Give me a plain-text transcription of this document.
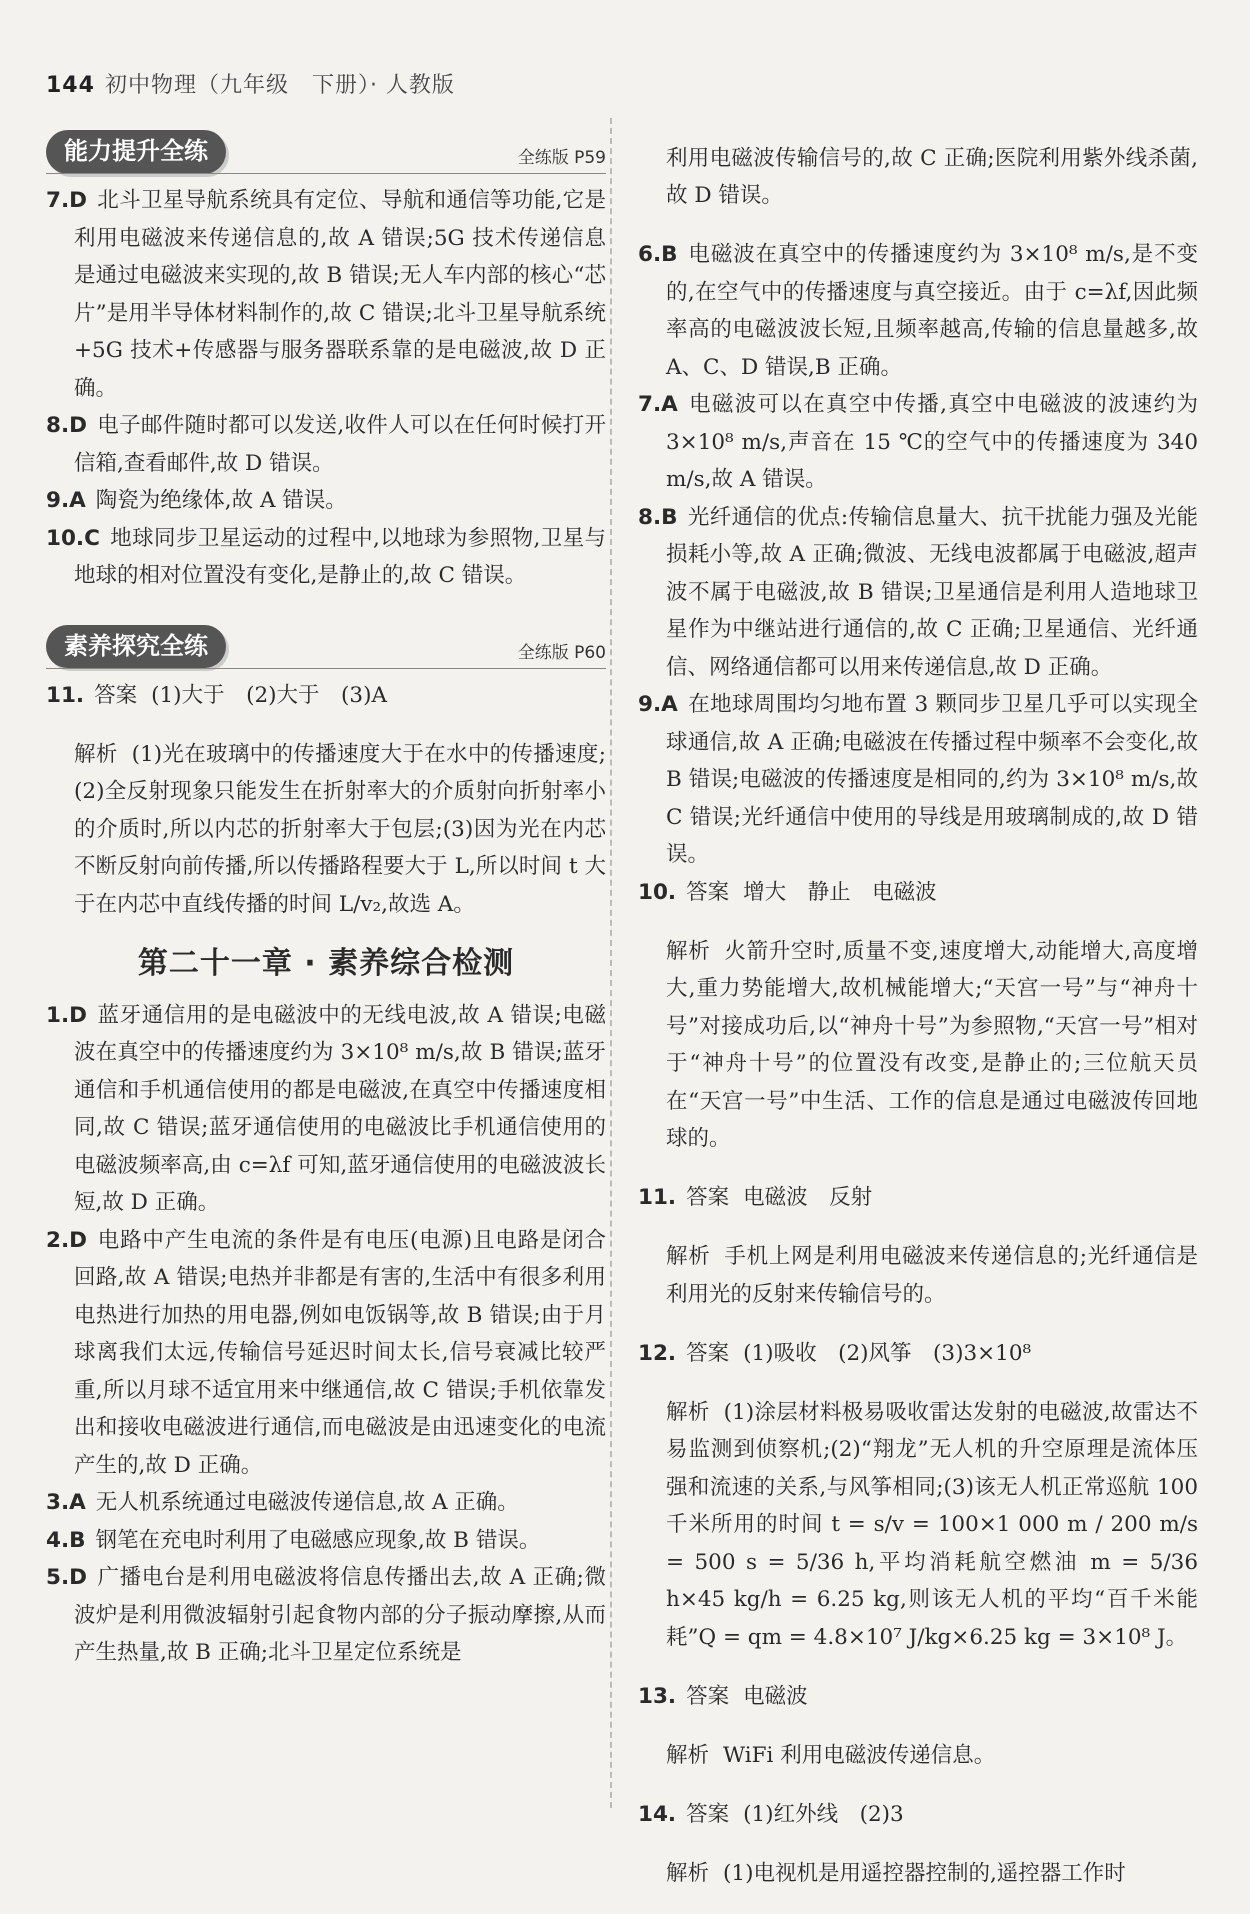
144 初中物理（九年级　下册）· 人教版
能力提升全练	全练版 P59

7.D 北斗卫星导航系统具有定位、导航和通信等功能,它是利用电磁波来传递信息的,故 A 错误;5G 技术传递信息是通过电磁波来实现的,故 B 错误;无人车内部的核心“芯片”是用半导体材料制作的,故 C 错误;北斗卫星导航系统+5G 技术+传感器与服务器联系靠的是电磁波,故 D 正确。

8.D 电子邮件随时都可以发送,收件人可以在任何时候打开信箱,查看邮件,故 D 错误。

9.A 陶瓷为绝缘体,故 A 错误。

10.C 地球同步卫星运动的过程中,以地球为参照物,卫星与地球的相对位置没有变化,是静止的,故 C 错误。

素养探究全练	全练版 P60

11. 答案 (1)大于　(2)大于　(3)A

解析 (1)光在玻璃中的传播速度大于在水中的传播速度;(2)全反射现象只能发生在折射率大的介质射向折射率小的介质时,所以内芯的折射率大于包层;(3)因为光在内芯不断反射向前传播,所以传播路程要大于 L,所以时间 t 大于在内芯中直线传播的时间 L/v₂,故选 A。

第二十一章 · 素养综合检测

1.D 蓝牙通信用的是电磁波中的无线电波,故 A 错误;电磁波在真空中的传播速度约为 3×10⁸ m/s,故 B 错误;蓝牙通信和手机通信使用的都是电磁波,在真空中传播速度相同,故 C 错误;蓝牙通信使用的电磁波比手机通信使用的电磁波频率高,由 c=λf 可知,蓝牙通信使用的电磁波波长短,故 D 正确。

2.D 电路中产生电流的条件是有电压(电源)且电路是闭合回路,故 A 错误;电热并非都是有害的,生活中有很多利用电热进行加热的用电器,例如电饭锅等,故 B 错误;由于月球离我们太远,传输信号延迟时间太长,信号衰减比较严重,所以月球不适宜用来中继通信,故 C 错误;手机依靠发出和接收电磁波进行通信,而电磁波是由迅速变化的电流产生的,故 D 正确。

3.A 无人机系统通过电磁波传递信息,故 A 正确。

4.B 钢笔在充电时利用了电磁感应现象,故 B 错误。

5.D 广播电台是利用电磁波将信息传播出去,故 A 正确;微波炉是利用微波辐射引起食物内部的分子振动摩擦,从而产生热量,故 B 正确;北斗卫星定位系统是

利用电磁波传输信号的,故 C 正确;医院利用紫外线杀菌,故 D 错误。

6.B 电磁波在真空中的传播速度约为 3×10⁸ m/s,是不变的,在空气中的传播速度与真空接近。由于 c=λf,因此频率高的电磁波波长短,且频率越高,传输的信息量越多,故 A、C、D 错误,B 正确。

7.A 电磁波可以在真空中传播,真空中电磁波的波速约为 3×10⁸ m/s,声音在 15 ℃的空气中的传播速度为 340 m/s,故 A 错误。

8.B 光纤通信的优点:传输信息量大、抗干扰能力强及光能损耗小等,故 A 正确;微波、无线电波都属于电磁波,超声波不属于电磁波,故 B 错误;卫星通信是利用人造地球卫星作为中继站进行通信的,故 C 正确;卫星通信、光纤通信、网络通信都可以用来传递信息,故 D 正确。

9.A 在地球周围均匀地布置 3 颗同步卫星几乎可以实现全球通信,故 A 正确;电磁波在传播过程中频率不会变化,故 B 错误;电磁波的传播速度是相同的,约为 3×10⁸ m/s,故 C 错误;光纤通信中使用的导线是用玻璃制成的,故 D 错误。

10. 答案 增大　静止　电磁波

解析 火箭升空时,质量不变,速度增大,动能增大,高度增大,重力势能增大,故机械能增大;“天宫一号”与“神舟十号”对接成功后,以“神舟十号”为参照物,“天宫一号”相对于“神舟十号”的位置没有改变,是静止的;三位航天员在“天宫一号”中生活、工作的信息是通过电磁波传回地球的。

11. 答案 电磁波　反射

解析 手机上网是利用电磁波来传递信息的;光纤通信是利用光的反射来传输信号的。

12. 答案 (1)吸收　(2)风筝　(3)3×10⁸

解析 (1)涂层材料极易吸收雷达发射的电磁波,故雷达不易监测到侦察机;(2)“翔龙”无人机的升空原理是流体压强和流速的关系,与风筝相同;(3)该无人机正常巡航 100 千米所用的时间 t = s/v = 100×1 000 m / 200 m/s = 500 s = 5/36 h,平均消耗航空燃油 m = 5/36 h×45 kg/h = 6.25 kg,则该无人机的平均“百千米能耗”Q = qm = 4.8×10⁷ J/kg×6.25 kg = 3×10⁸ J。

13. 答案 电磁波

解析 WiFi 利用电磁波传递信息。

14. 答案 (1)红外线　(2)3

解析 (1)电视机是用遥控器控制的,遥控器工作时
